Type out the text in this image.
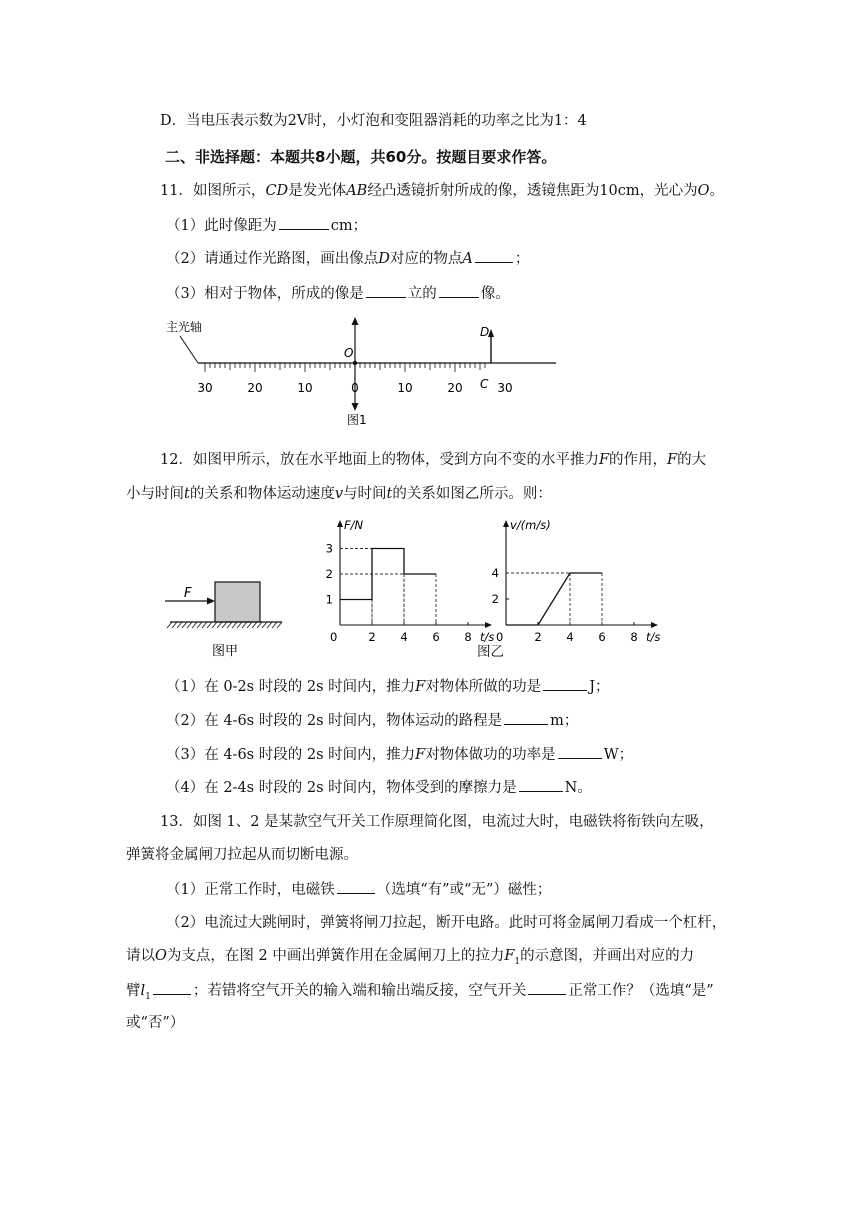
D．当电压表示数为2V时，小灯泡和变阻器消耗的功率之比为1：4
二、非选择题：本题共8小题，共60分。按题目要求作答。
11．如图所示，CD是发光体AB经凸透镜折射所成的像，透镜焦距为10cm，光心为O。
（1）此时像距为	cm；
（2）请通过作光路图，画出像点D对应的物点A	；
（3）相对于物体，所成的像是	立的	像。
主光轴
O
D
C
30	20	10	0	10	20	30
图1
12．如图甲所示，放在水平地面上的物体，受到方向不变的水平推力F的作用，F的大
小与时间t的关系和物体运动速度v与时间t的关系如图乙所示。则：
F
图甲
F/N
t/s
0	2 4 6 8
1
2
3
v/(m/s)
t/s
0	2 4 6 8
2
4
图乙
（1）在 0-2s 时段的 2s 时间内，推力F对物体所做的功是	J；
（2）在 4-6s 时段的 2s 时间内，物体运动的路程是	m；
（3）在 4-6s 时段的 2s 时间内，推力F对物体做功的功率是	W；
（4）在 2-4s 时段的 2s 时间内，物体受到的摩擦力是	N。
13．如图 1、2 是某款空气开关工作原理简化图，电流过大时，电磁铁将衔铁向左吸，
弹簧将金属闸刀拉起从而切断电源。
（1）正常工作时，电磁铁	（选填“有”或“无”）磁性；
（2）电流过大跳闸时，弹簧将闸刀拉起，断开电路。此时可将金属闸刀看成一个杠杆，
请以O为支点，在图 2 中画出弹簧作用在金属闸刀上的拉力$F_1$的示意图，并画出对应的力
臂$l_1$	；若错将空气开关的输入端和输出端反接，空气开关	正常工作？（选填“是”
或“否”）
